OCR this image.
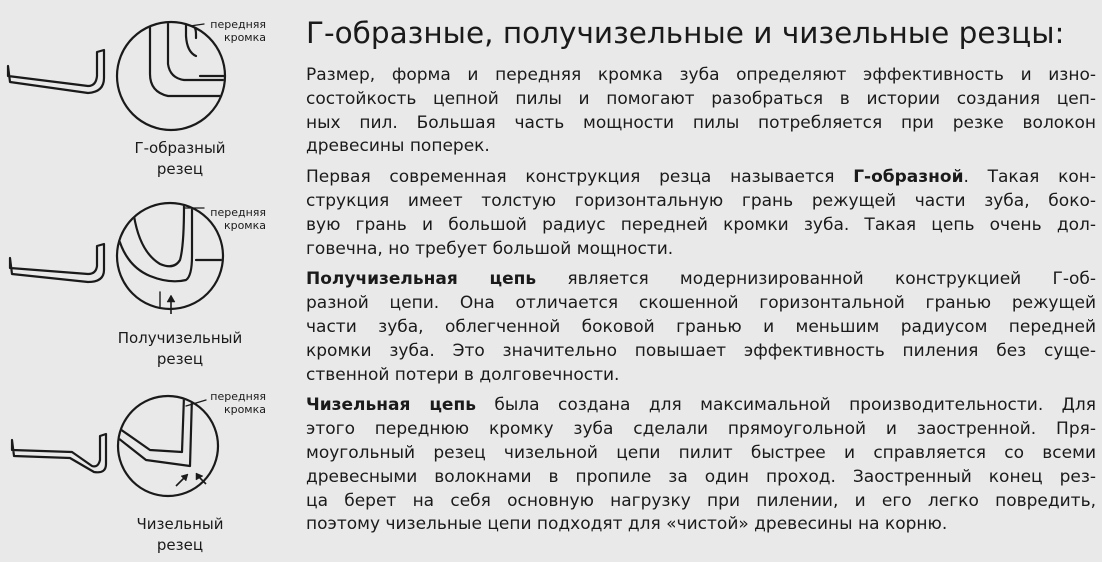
передняя
кромка
Г-образный
резец
передняя
кромка
Получизельный
резец
передняя
кромка
Чизельный
резец
Г-образные, получизельные и чизельные резцы:

Размер, форма и передняя кромка зуба определяют эффективность и изно-
состойкость цепной пилы и помогают разобраться в истории создания цеп-
ных пил. Большая часть мощности пилы потребляется при резке волокон
древесины поперек.

Первая современная конструкция резца называется Г-образной. Такая кон-
струкция имеет толстую горизонтальную грань режущей части зуба, боко-
вую грань и большой радиус передней кромки зуба. Такая цепь очень дол-
говечна, но требует большой мощности.

Получизельная цепь является модернизированной конструкцией Г-об-
разной цепи. Она отличается скошенной горизонтальной гранью режущей
части зуба, облегченной боковой гранью и меньшим радиусом передней
кромки зуба. Это значительно повышает эффективность пиления без суще-
ственной потери в долговечности.

Чизельная цепь была создана для максимальной производительности. Для
этого переднюю кромку зуба сделали прямоугольной и заостренной. Пря-
моугольный резец чизельной цепи пилит быстрее и справляется со всеми
древесными волокнами в пропиле за один проход. Заостренный конец рез-
ца берет на себя основную нагрузку при пилении, и его легко повредить,
поэтому чизельные цепи подходят для «чистой» древесины на корню.
